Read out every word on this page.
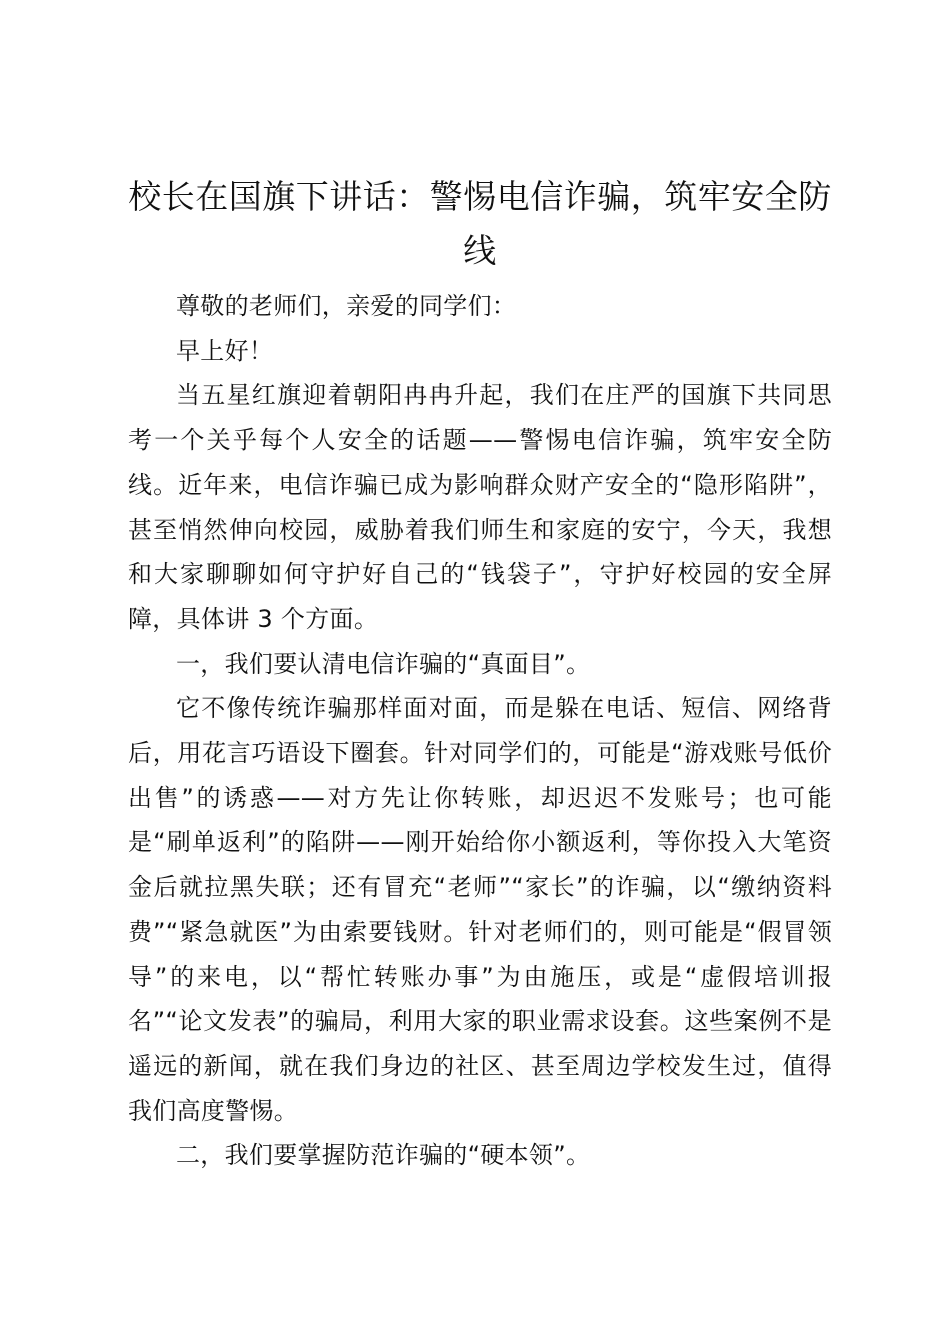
校长在国旗下讲话：警惕电信诈骗，筑牢安全防线

尊敬的老师们，亲爱的同学们：

早上好！

当五星红旗迎着朝阳冉冉升起，我们在庄严的国旗下共同思考一个关乎每个人安全的话题——警惕电信诈骗，筑牢安全防线。近年来，电信诈骗已成为影响群众财产安全的“隐形陷阱”，甚至悄然伸向校园，威胁着我们师生和家庭的安宁，今天，我想和大家聊聊如何守护好自己的“钱袋子”，守护好校园的安全屏障，具体讲 3 个方面。

一，我们要认清电信诈骗的“真面目”。

它不像传统诈骗那样面对面，而是躲在电话、短信、网络背后，用花言巧语设下圈套。针对同学们的，可能是“游戏账号低价出售”的诱惑——对方先让你转账，却迟迟不发账号；也可能是“刷单返利”的陷阱——刚开始给你小额返利，等你投入大笔资金后就拉黑失联；还有冒充“老师”“家长”的诈骗，以“缴纳资料费”“紧急就医”为由索要钱财。针对老师们的，则可能是“假冒领导”的来电，以“帮忙转账办事”为由施压，或是“虚假培训报名”“论文发表”的骗局，利用大家的职业需求设套。这些案例不是遥远的新闻，就在我们身边的社区、甚至周边学校发生过，值得我们高度警惕。

二，我们要掌握防范诈骗的“硬本领”。
